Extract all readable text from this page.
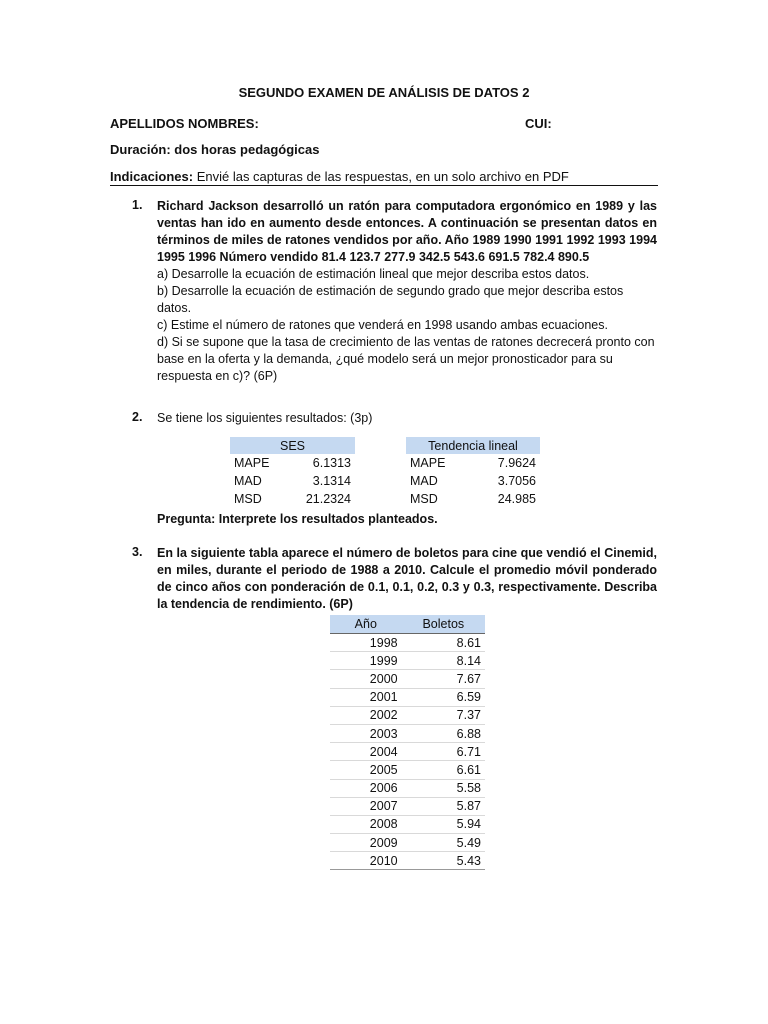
SEGUNDO EXAMEN DE ANÁLISIS DE DATOS 2
APELLIDOS NOMBRES:	CUI:
Duración: dos horas pedagógicas
Indicaciones: Envié las capturas de las respuestas, en un solo archivo en PDF
1. Richard Jackson desarrolló un ratón para computadora ergonómico en 1989 y las ventas han ido en aumento desde entonces. A continuación se presentan datos en términos de miles de ratones vendidos por año. Año 1989 1990 1991 1992 1993 1994 1995 1996 Número vendido 81.4 123.7 277.9 342.5 543.6 691.5 782.4 890.5
a) Desarrolle la ecuación de estimación lineal que mejor describa estos datos.
b) Desarrolle la ecuación de estimación de segundo grado que mejor describa estos datos.
c) Estime el número de ratones que venderá en 1998 usando ambas ecuaciones.
d) Si se supone que la tasa de crecimiento de las ventas de ratones decrecerá pronto con base en la oferta y la demanda, ¿qué modelo será un mejor pronosticador para su respuesta en c)? (6P)
2. Se tiene los siguientes resultados: (3p)
SES	
MAPE	6.1313
MAD	3.1314
MSD	21.2324
Tendencia lineal	
MAPE	7.9624
MAD	3.7056
MSD	24.985
Pregunta: Interprete los resultados planteados.
3. En la siguiente tabla aparece el número de boletos para cine que vendió el Cinemid, en miles, durante el periodo de 1988 a 2010. Calcule el promedio móvil ponderado de cinco años con ponderación de 0.1, 0.1, 0.2, 0.3 y 0.3, respectivamente. Describa la tendencia de rendimiento. (6P)
Año	Boletos
1998	8.61
1999	8.14
2000	7.67
2001	6.59
2002	7.37
2003	6.88
2004	6.71
2005	6.61
2006	5.58
2007	5.87
2008	5.94
2009	5.49
2010	5.43
